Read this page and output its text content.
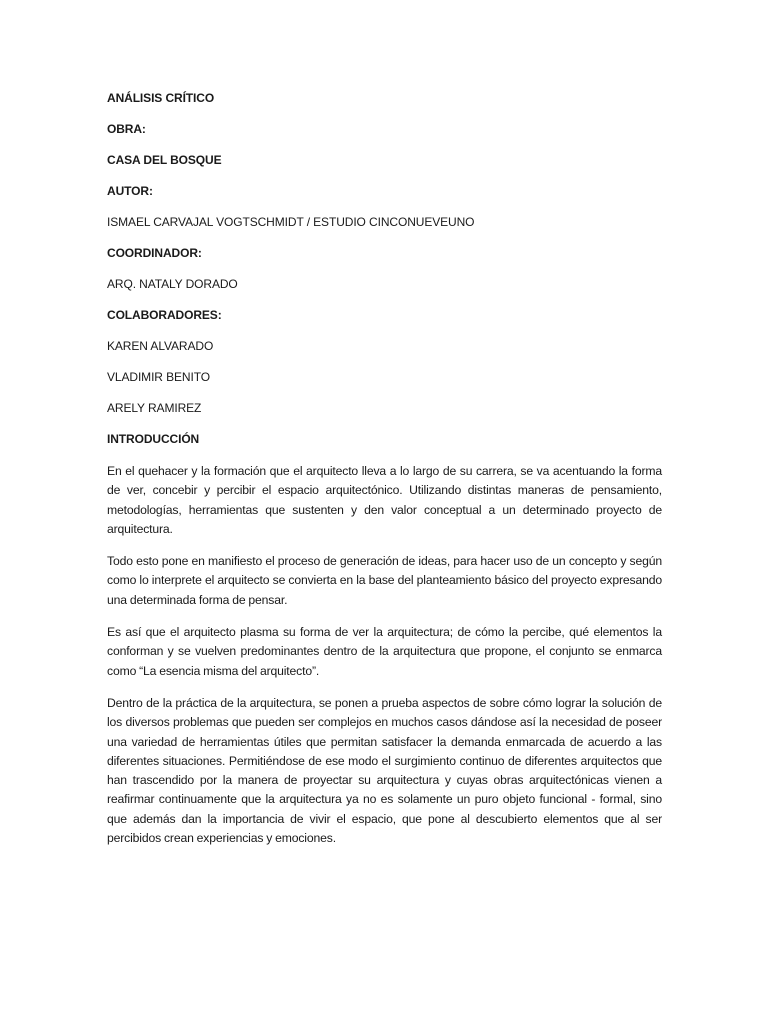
ANÁLISIS CRÍTICO

OBRA:

CASA DEL BOSQUE

AUTOR:

ISMAEL CARVAJAL VOGTSCHMIDT / ESTUDIO CINCONUEVEUNO

COORDINADOR:

ARQ. NATALY DORADO

COLABORADORES:

KAREN ALVARADO

VLADIMIR BENITO

ARELY RAMIREZ

INTRODUCCIÓN

En el quehacer y la formación que el arquitecto lleva a lo largo de su carrera, se va acentuando la forma de ver, concebir y percibir el espacio arquitectónico. Utilizando distintas maneras de pensamiento, metodologías, herramientas que sustenten y den valor conceptual a un determinado proyecto de arquitectura.

Todo esto pone en manifiesto el proceso de generación de ideas, para hacer uso de un concepto y según como lo interprete el arquitecto se convierta en la base del planteamiento básico del proyecto expresando una determinada forma de pensar.

Es así que el arquitecto plasma su forma de ver la arquitectura; de cómo la percibe, qué elementos la conforman y se vuelven predominantes dentro de la arquitectura que propone, el conjunto se enmarca como “La esencia misma del arquitecto”.

Dentro de la práctica de la arquitectura, se ponen a prueba aspectos de sobre cómo lograr la solución de los diversos problemas que pueden ser complejos en muchos casos dándose así la necesidad de poseer una variedad de herramientas útiles que permitan satisfacer la demanda enmarcada de acuerdo a las diferentes situaciones. Permitiéndose de ese modo el surgimiento continuo de diferentes arquitectos que han trascendido por la manera de proyectar su arquitectura y cuyas obras arquitectónicas vienen a reafirmar continuamente que la arquitectura ya no es solamente un puro objeto funcional - formal, sino que además dan la importancia de vivir el espacio, que pone al descubierto elementos que al ser percibidos crean experiencias y emociones.
